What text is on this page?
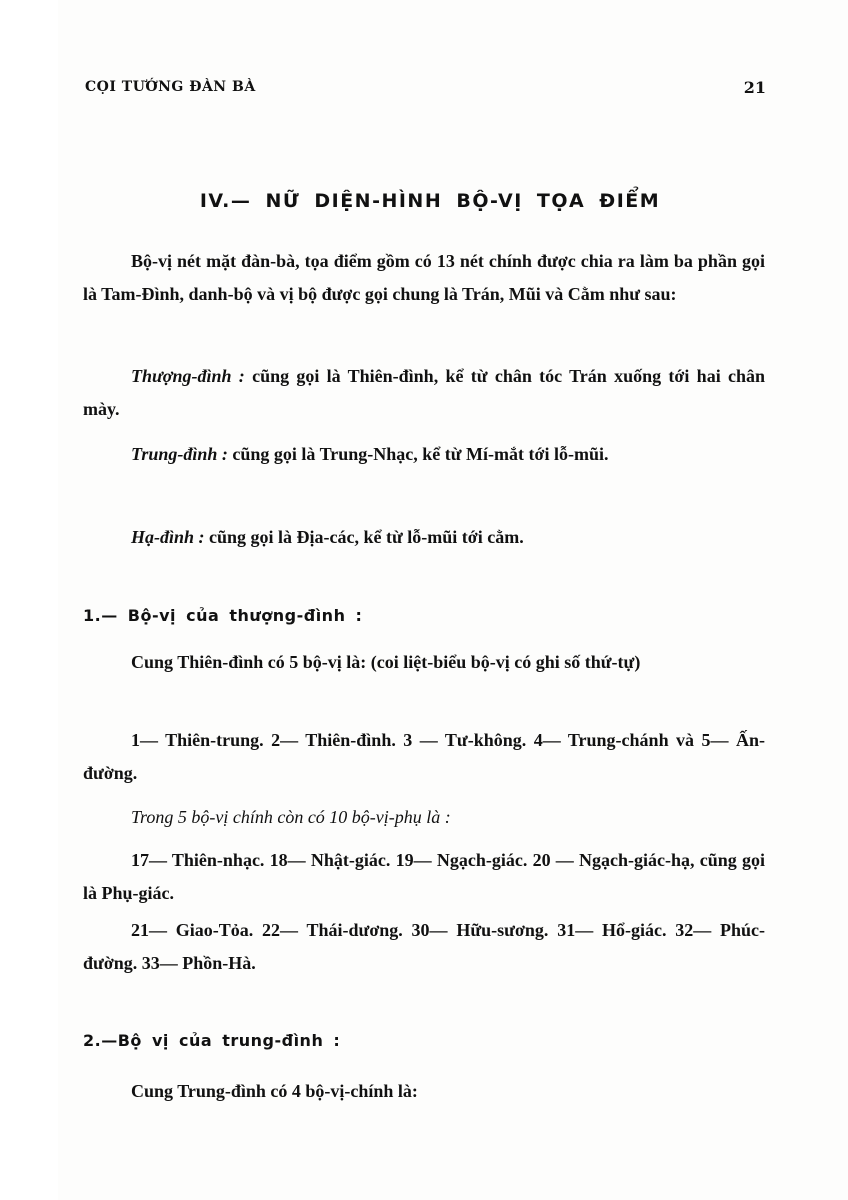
CỌI TƯỚNG ĐÀN BÀ	21
IV.— NỮ DIỆN-HÌNH BỘ-VỊ TỌA ĐIỂM

Bộ-vị nét mặt đàn-bà, tọa điểm gồm có 13 nét chính được chia ra làm ba phần gọi là Tam-Đình, danh-bộ và vị bộ được gọi chung là Trán, Mũi và Cằm như sau:

Thượng-đình : cũng gọi là Thiên-đình, kể từ chân tóc Trán xuống tới hai chân mày.

Trung-đình : cũng gọi là Trung-Nhạc, kể từ Mí-mắt tới lỗ-mũi.

Hạ-đình : cũng gọi là Địa-các, kể từ lỗ-mũi tới cằm.

1.— Bộ-vị của thượng-đình :

Cung Thiên-đình có 5 bộ-vị là: (coi liệt-biểu bộ-vị có ghi số thứ-tự)

1— Thiên-trung. 2— Thiên-đình. 3 — Tư-không. 4— Trung-chánh và 5— Ấn-đường.

Trong 5 bộ-vị chính còn có 10 bộ-vị-phụ là :

17— Thiên-nhạc. 18— Nhật-giác. 19— Ngạch-giác. 20 — Ngạch-giác-hạ, cũng gọi là Phụ-giác.

21— Giao-Tỏa. 22— Thái-dương. 30— Hữu-sương. 31— Hổ-giác. 32— Phúc-đường. 33— Phồn-Hà.

2.—Bộ vị của trung-đình :

Cung Trung-đình có 4 bộ-vị-chính là:
